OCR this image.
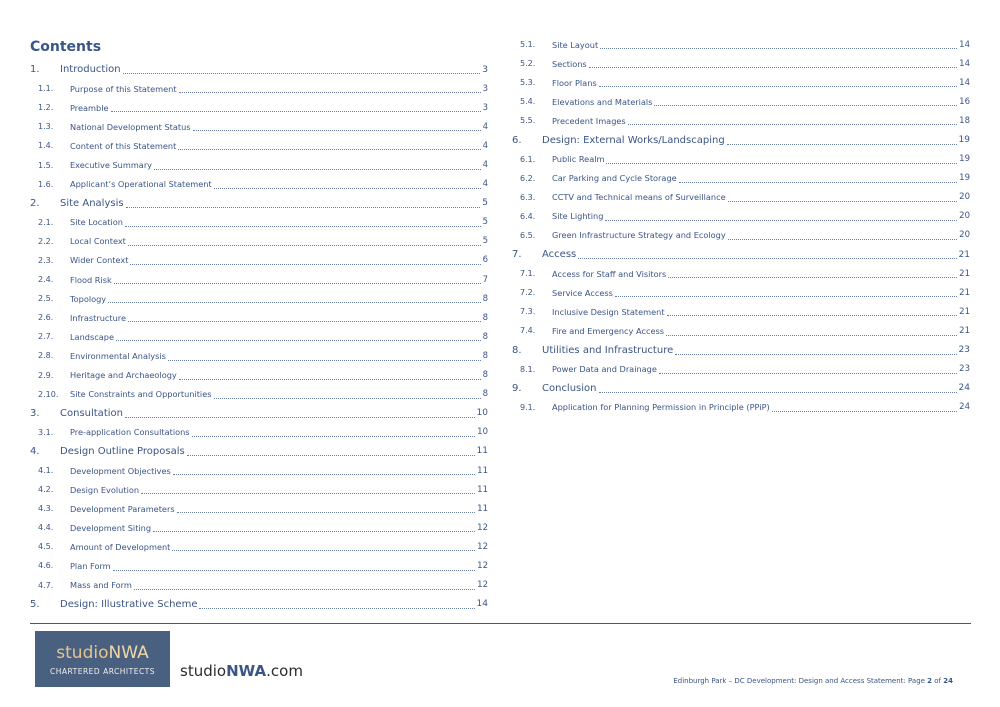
Contents
1.	Introduction	3
1.1.	Purpose of this Statement	3
1.2.	Preamble	3
1.3.	National Development Status	4
1.4.	Content of this Statement	4
1.5.	Executive Summary	4
1.6.	Applicant’s Operational Statement	4
2.	Site Analysis	5
2.1.	Site Location	5
2.2.	Local Context	5
2.3.	Wider Context	6
2.4.	Flood Risk	7
2.5.	Topology	8
2.6.	Infrastructure	8
2.7.	Landscape	8
2.8.	Environmental Analysis	8
2.9.	Heritage and Archaeology	8
2.10.	Site Constraints and Opportunities	8
3.	Consultation	10
3.1.	Pre-application Consultations	10
4.	Design Outline Proposals	11
4.1.	Development Objectives	11
4.2.	Design Evolution	11
4.3.	Development Parameters	11
4.4.	Development Siting	12
4.5.	Amount of Development	12
4.6.	Plan Form	12
4.7.	Mass and Form	12
5.	Design: Illustrative Scheme	14
5.1.	Site Layout	14
5.2.	Sections	14
5.3.	Floor Plans	14
5.4.	Elevations and Materials	16
5.5.	Precedent Images	18
6.	Design: External Works/Landscaping	19
6.1.	Public Realm	19
6.2.	Car Parking and Cycle Storage	19
6.3.	CCTV and Technical means of Surveillance	20
6.4.	Site Lighting	20
6.5.	Green Infrastructure Strategy and Ecology	20
7.	Access	21
7.1.	Access for Staff and Visitors	21
7.2.	Service Access	21
7.3.	Inclusive Design Statement	21
7.4.	Fire and Emergency Access	21
8.	Utilities and Infrastructure	23
8.1.	Power Data and Drainage	23
9.	Conclusion	24
9.1.	Application for Planning Permission in Principle (PPiP)	24
studioNWA
CHARTERED ARCHITECTS studioNWA.com
Edinburgh Park – DC Development: Design and Access Statement: Page 2 of 24
